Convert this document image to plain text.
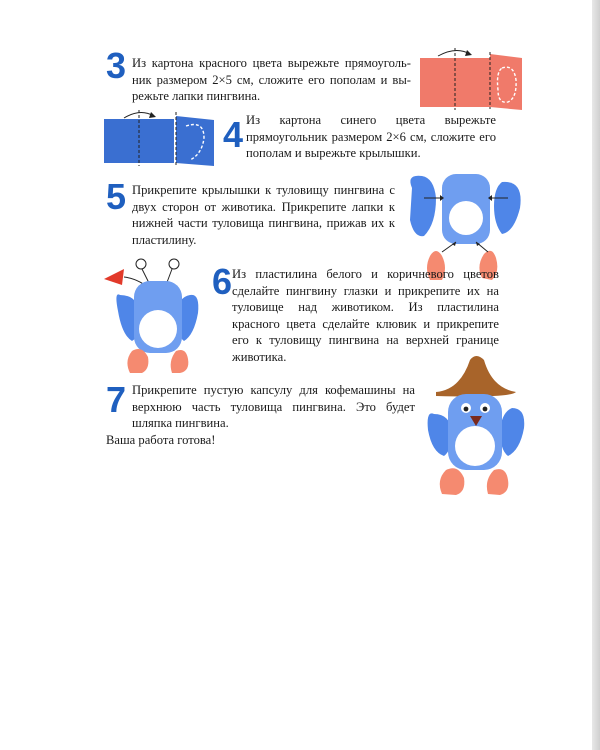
3 Из картона красного цвета вырежьте прямоугольник размером 2×5 см, сложите его пополам и вырежьте лапки пингвина.
4 Из картона синего цвета вырежьте прямоугольник размером 2×6 см, сложите его пополам и вырежьте крылышки.
5 Прикрепите крылышки к туловищу пингвина с двух сторон от животика. Прикрепите лапки к нижней части туловища пингвина, прижав их к пластилину.
6 Из пластилина белого и коричневого цветов сделайте пингвину глазки и прикрепите их на туловище над животиком. Из пластилина красного цвета сделайте клювик и прикрепите его к туловищу пингвина на верхней границе животика.
7 Прикрепите пустую капсулу для кофемашины на верхнюю часть туловища пингвина. Это будет шляпка пингвина.
Ваша работа готова!
